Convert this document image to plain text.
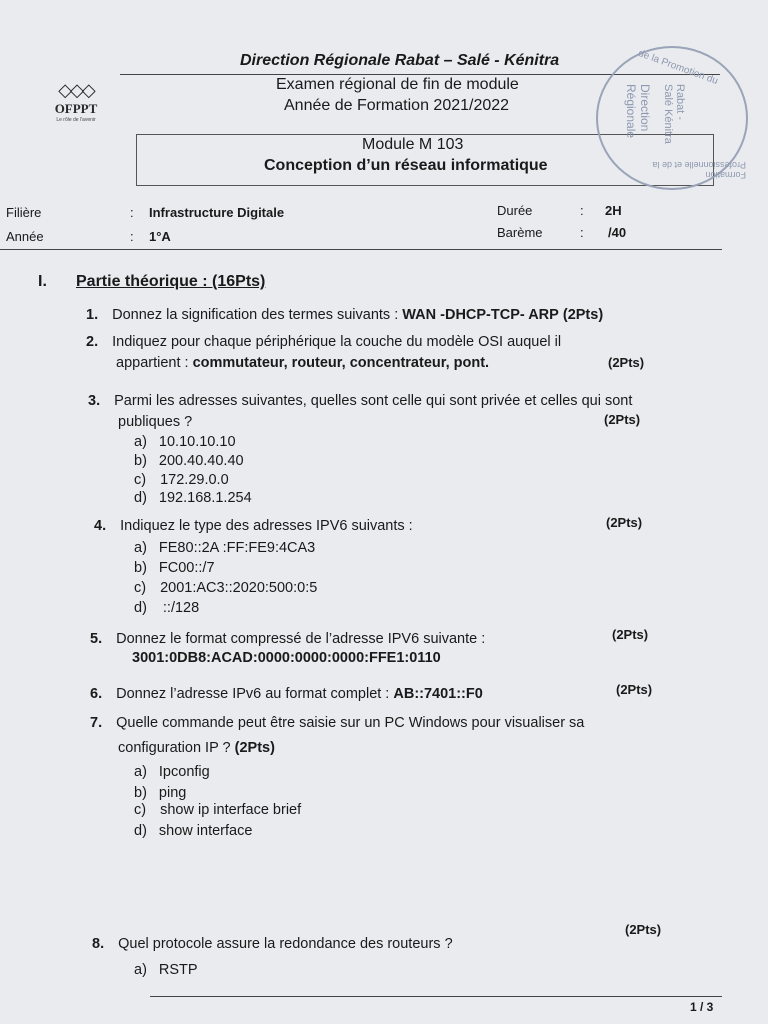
◇◇◇
OFPPT
Le rôle de l'avenir
Direction Régionale Rabat – Salé - Kénitra
Examen régional de fin de module
Année de Formation 2021/2022
Module M 103
Conception d’un réseau informatique
de la Promotion du
Direction Régionale	Rabat - Salé Kénitra
Formation Professionnelle et de la
Filière	: Infrastructure Digitale
Année	: 1°A
Durée	: 2H
Barème	: /40
I. Partie théorique : (16Pts)
1. Donnez la signification des termes suivants : WAN -DHCP-TCP- ARP (2Pts)
2. Indiquez pour chaque périphérique la couche du modèle OSI auquel il
appartient : commutateur, routeur, concentrateur, pont.	(2Pts)
3. Parmi les adresses suivantes, quelles sont celle qui sont privée et celles qui sont
publiques ?	(2Pts)
a) 10.10.10.10
b) 200.40.40.40
c) 172.29.0.0
d) 192.168.1.254
4. Indiquez le type des adresses IPV6 suivants :	(2Pts)
a) FE80::2A :FF:FE9:4CA3
b) FC00::/7
c) 2001:AC3::2020:500:0:5
d) ::/128
5. Donnez le format compressé de l’adresse IPV6 suivante :	(2Pts)
3001:0DB8:ACAD:0000:0000:0000:FFE1:0110
6. Donnez l’adresse IPv6 au format complet : AB::7401::F0	(2Pts)
7. Quelle commande peut être saisie sur un PC Windows pour visualiser sa
configuration IP ? (2Pts)
a) Ipconfig
b) ping
c) show ip interface brief
d) show interface
8. Quel protocole assure la redondance des routeurs ?
(2Pts)
a) RSTP
1 / 3
